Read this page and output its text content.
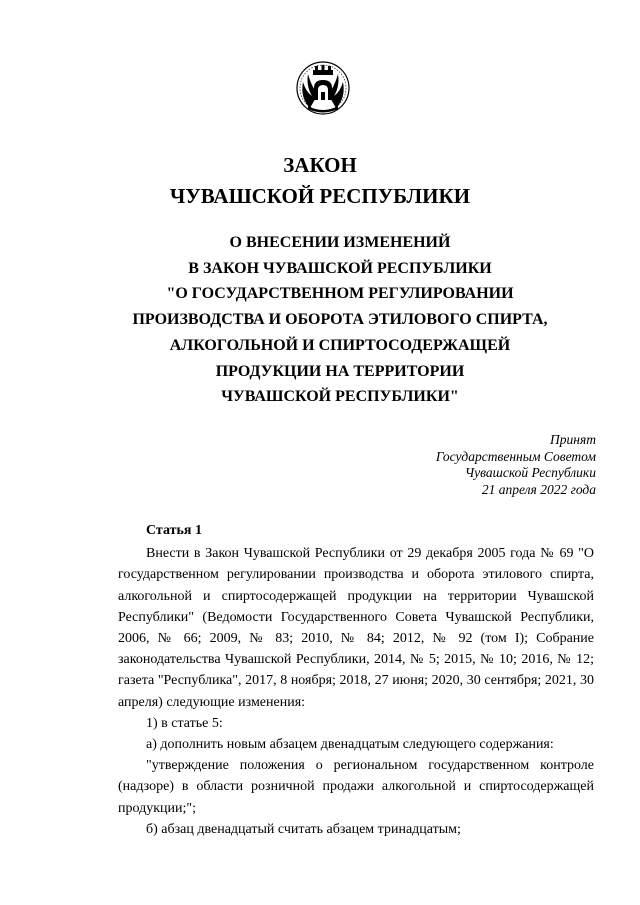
ЗАКОН
ЧУВАШСКОЙ РЕСПУБЛИКИ
О ВНЕСЕНИИ ИЗМЕНЕНИЙ
В ЗАКОН ЧУВАШСКОЙ РЕСПУБЛИКИ
"О ГОСУДАРСТВЕННОМ РЕГУЛИРОВАНИИ
ПРОИЗВОДСТВА И ОБОРОТА ЭТИЛОВОГО СПИРТА,
АЛКОГОЛЬНОЙ И СПИРТОСОДЕРЖАЩЕЙ
ПРОДУКЦИИ НА ТЕРРИТОРИИ
ЧУВАШСКОЙ РЕСПУБЛИКИ"
Принят
Государственным Советом
Чувашской Республики
21 апреля 2022 года
Статья 1

Внести в Закон Чувашской Республики от 29 декабря 2005 года № 69 "О государственном регулировании производства и оборота этилового спирта, алкогольной и спиртосодержащей продукции на территории Чувашской Республики" (Ведомости Государственного Совета Чувашской Республики, 2006, № 66; 2009, № 83; 2010, № 84; 2012, № 92 (том I); Собрание законодательства Чувашской Республики, 2014, № 5; 2015, № 10; 2016, № 12; газета "Республика", 2017, 8 ноября; 2018, 27 июня; 2020, 30 сентября; 2021, 30 апреля) следующие изменения:

1) в статье 5:

а) дополнить новым абзацем двенадцатым следующего содержания:

"утверждение положения о региональном государственном контроле (надзоре) в области розничной продажи алкогольной и спиртосодержащей продукции;";

б) абзац двенадцатый считать абзацем тринадцатым;
